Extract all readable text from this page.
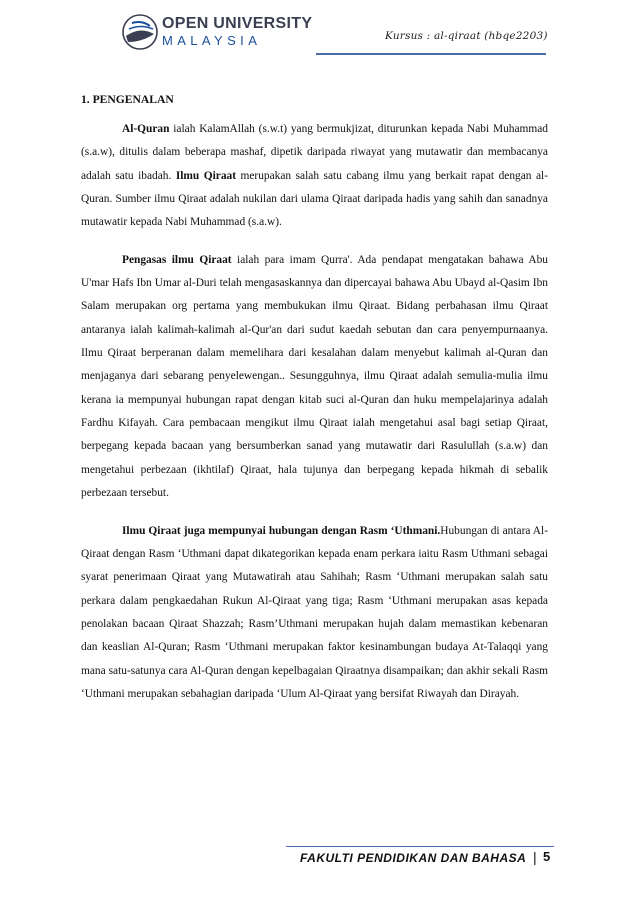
OPEN UNIVERSITY
MALAYSIA	Kursus : al-qiraat (hbqe2203)
1. PENGENALAN

Al-Quran ialah KalamAllah (s.w.t) yang bermukjizat, diturunkan kepada Nabi Muhammad (s.a.w), ditulis dalam beberapa mashaf, dipetik daripada riwayat yang mutawatir dan membacanya adalah satu ibadah. Ilmu Qiraat merupakan salah satu cabang ilmu yang berkait rapat dengan al-Quran. Sumber ilmu Qiraat adalah nukilan dari ulama Qiraat daripada hadis yang sahih dan sanadnya mutawatir kepada Nabi Muhammad (s.a.w).

Pengasas ilmu Qiraat ialah para imam Qurra'. Ada pendapat mengatakan bahawa Abu U'mar Hafs Ibn Umar al-Duri telah mengasaskannya dan dipercayai bahawa Abu Ubayd al-Qasim Ibn Salam merupakan org pertama yang membukukan ilmu Qiraat. Bidang perbahasan ilmu Qiraat antaranya ialah kalimah-kalimah al-Qur'an dari sudut kaedah sebutan dan cara penyempurnaanya. Ilmu Qiraat berperanan dalam memelihara dari kesalahan dalam menyebut kalimah al-Quran dan menjaganya dari sebarang penyelewengan.. Sesungguhnya, ilmu Qiraat adalah semulia-mulia ilmu kerana ia mempunyai hubungan rapat dengan kitab suci al-Quran dan huku mempelajarinya adalah Fardhu Kifayah. Cara pembacaan mengikut ilmu Qiraat ialah mengetahui asal bagi setiap Qiraat, berpegang kepada bacaan yang bersumberkan sanad yang mutawatir dari Rasulullah (s.a.w) dan mengetahui perbezaan (ikhtilaf) Qiraat, hala tujunya dan berpegang kepada hikmah di sebalik perbezaan tersebut.

Ilmu Qiraat juga mempunyai hubungan dengan Rasm ‘Uthmani.Hubungan di antara Al-Qiraat dengan Rasm ‘Uthmani dapat dikategorikan kepada enam perkara iaitu Rasm Uthmani sebagai syarat penerimaan Qiraat yang Mutawatirah atau Sahihah; Rasm ‘Uthmani merupakan salah satu perkara dalam pengkaedahan Rukun Al-Qiraat yang tiga; Rasm ‘Uthmani merupakan asas kepada penolakan bacaan Qiraat Shazzah; Rasm’Uthmani merupakan hujah dalam memastikan kebenaran dan keaslian Al-Quran; Rasm ‘Uthmani merupakan faktor kesinambungan budaya At-Talaqqi yang mana satu-satunya cara Al-Quran dengan kepelbagaian Qiraatnya disampaikan; dan akhir sekali Rasm ‘Uthmani merupakan sebahagian daripada ‘Ulum Al-Qiraat yang bersifat Riwayah dan Dirayah.

FAKULTI PENDIDIKAN DAN BAHASA | 5
